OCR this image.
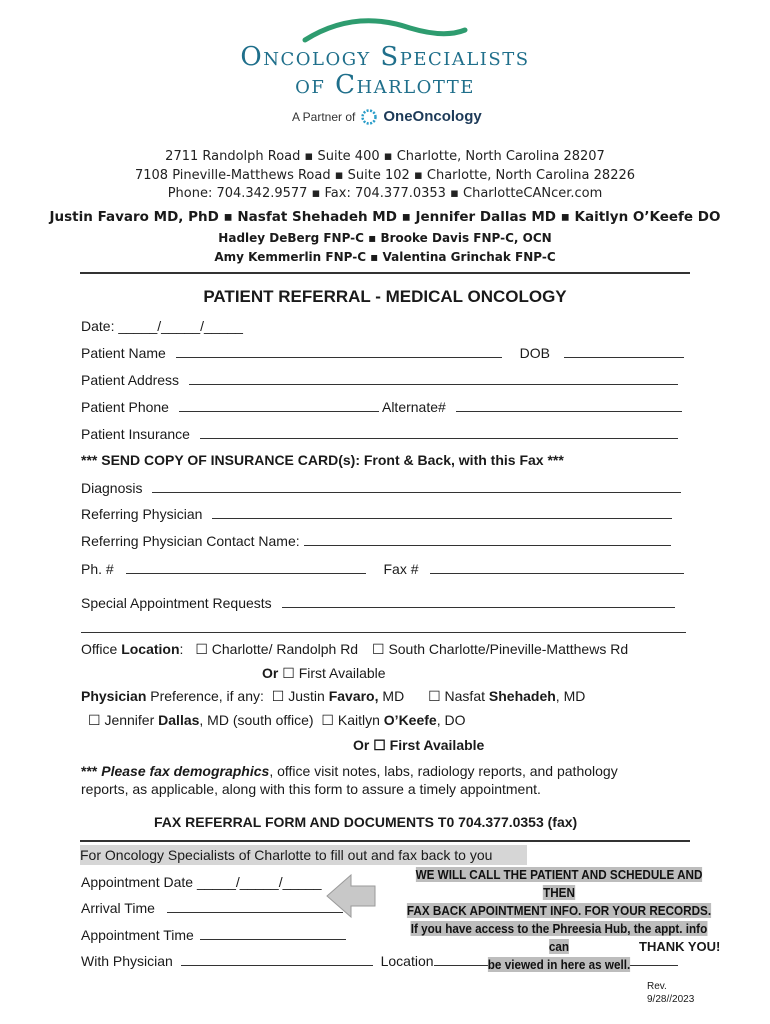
Oncology Specialists
of Charlotte
A Partner of OneOncology
2711 Randolph Road ▪ Suite 400 ▪ Charlotte, North Carolina 28207
7108 Pineville-Matthews Road ▪ Suite 102 ▪ Charlotte, North Carolina 28226
Phone: 704.342.9577 ▪ Fax: 704.377.0353 ▪ CharlotteCANcer.com
Justin Favaro MD, PhD ▪ Nasfat Shehadeh MD ▪ Jennifer Dallas MD ▪ Kaitlyn O’Keefe DO
Hadley DeBerg FNP-C ▪ Brooke Davis FNP-C, OCN
Amy Kemmerlin FNP-C ▪ Valentina Grinchak FNP-C
PATIENT REFERRAL - MEDICAL ONCOLOGY
Date: _____/_____/_____
Patient Name	DOB
Patient Address
Patient Phone	Alternate#
Patient Insurance
*** SEND COPY OF INSURANCE CARD(s): Front & Back, with this Fax ***
Diagnosis
Referring Physician
Referring Physician Contact Name:
Ph. #	Fax #
Special Appointment Requests
Office Location: ☐ Charlotte/ Randolph Rd ☐ South Charlotte/Pineville-Matthews Rd
Or ☐ First Available
Physician Preference, if any: ☐ Justin Favaro, MD ☐ Nasfat Shehadeh, MD
☐ Jennifer Dallas, MD (south office) ☐ Kaitlyn O’Keefe, DO
Or ☐ First Available
*** Please fax demographics, office visit notes, labs, radiology reports, and pathology
reports, as applicable, along with this form to assure a timely appointment.
FAX REFERRAL FORM AND DOCUMENTS T0 704.377.0353 (fax)
For Oncology Specialists of Charlotte to fill out and fax back to you
Appointment Date _____/_____/_____
Arrival Time
Appointment Time
With Physician	Location
WE WILL CALL THE PATIENT AND SCHEDULE AND THEN
FAX BACK APOINTMENT INFO. FOR YOUR RECORDS.
If you have access to the Phreesia Hub, the appt. info can
be viewed in here as well.
THANK YOU!
Rev.
9/28//2023
